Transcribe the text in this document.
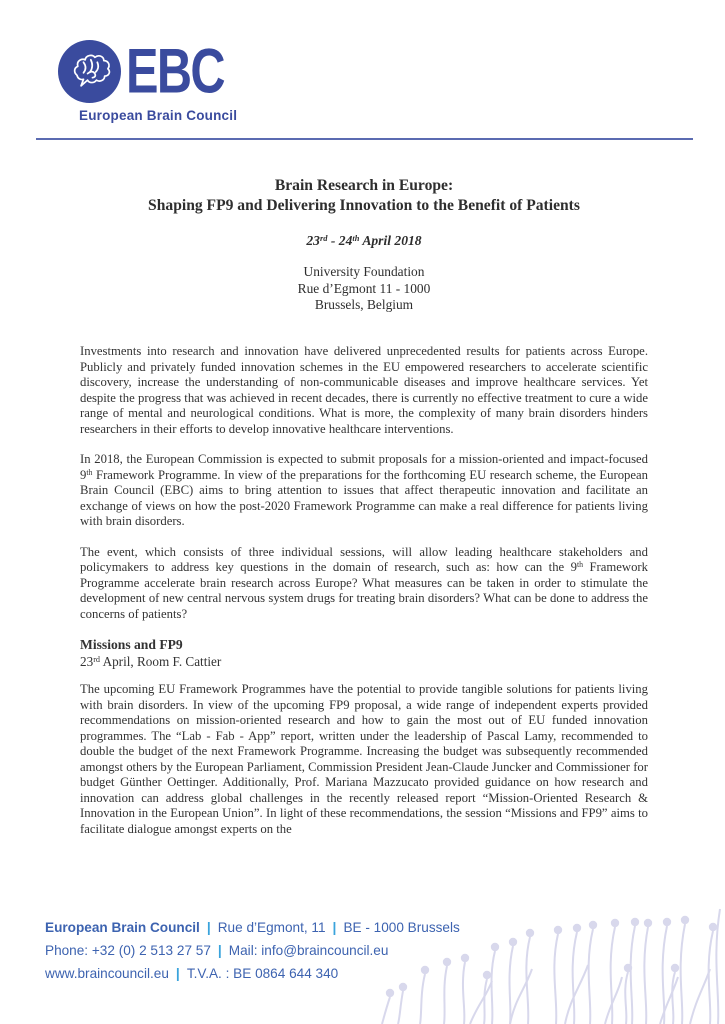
EBC
European Brain Council
Brain Research in Europe:
Shaping FP9 and Delivering Innovation to the Benefit of Patients
23rd - 24th April 2018
University Foundation
Rue d’Egmont 11 - 1000
Brussels, Belgium

Investments into research and innovation have delivered unprecedented results for patients across Europe. Publicly and privately funded innovation schemes in the EU empowered researchers to accelerate scientific discovery, increase the understanding of non-communicable diseases and improve healthcare services. Yet despite the progress that was achieved in recent decades, there is currently no effective treatment to cure a wide range of mental and neurological conditions. What is more, the complexity of many brain disorders hinders researchers in their efforts to develop innovative healthcare interventions.

In 2018, the European Commission is expected to submit proposals for a mission-oriented and impact-focused 9th Framework Programme. In view of the preparations for the forthcoming EU research scheme, the European Brain Council (EBC) aims to bring attention to issues that affect therapeutic innovation and facilitate an exchange of views on how the post-2020 Framework Programme can make a real difference for patients living with brain disorders.

The event, which consists of three individual sessions, will allow leading healthcare stakeholders and policymakers to address key questions in the domain of research, such as: how can the 9th Framework Programme accelerate brain research across Europe? What measures can be taken in order to stimulate the development of new central nervous system drugs for treating brain disorders? What can be done to address the concerns of patients?

Missions and FP9
23rd April, Room F. Cattier

The upcoming EU Framework Programmes have the potential to provide tangible solutions for patients living with brain disorders. In view of the upcoming FP9 proposal, a wide range of independent experts provided recommendations on mission-oriented research and how to gain the most out of EU funded innovation programmes. The “Lab - Fab - App” report, written under the leadership of Pascal Lamy, recommended to double the budget of the next Framework Programme. Increasing the budget was subsequently recommended amongst others by the European Parliament, Commission President Jean-Claude Juncker and Commissioner for budget Günther Oettinger. Additionally, Prof. Mariana Mazzucato provided guidance on how research and innovation can address global challenges in the recently released report “Mission-Oriented Research & Innovation in the European Union”. In light of these recommendations, the session “Missions and FP9” aims to facilitate dialogue amongst experts on the

European Brain Council | Rue d’Egmont, 11 | BE - 1000 Brussels
Phone: +32 (0) 2 513 27 57 | Mail: info@braincouncil.eu
www.braincouncil.eu | T.V.A. : BE 0864 644 340
